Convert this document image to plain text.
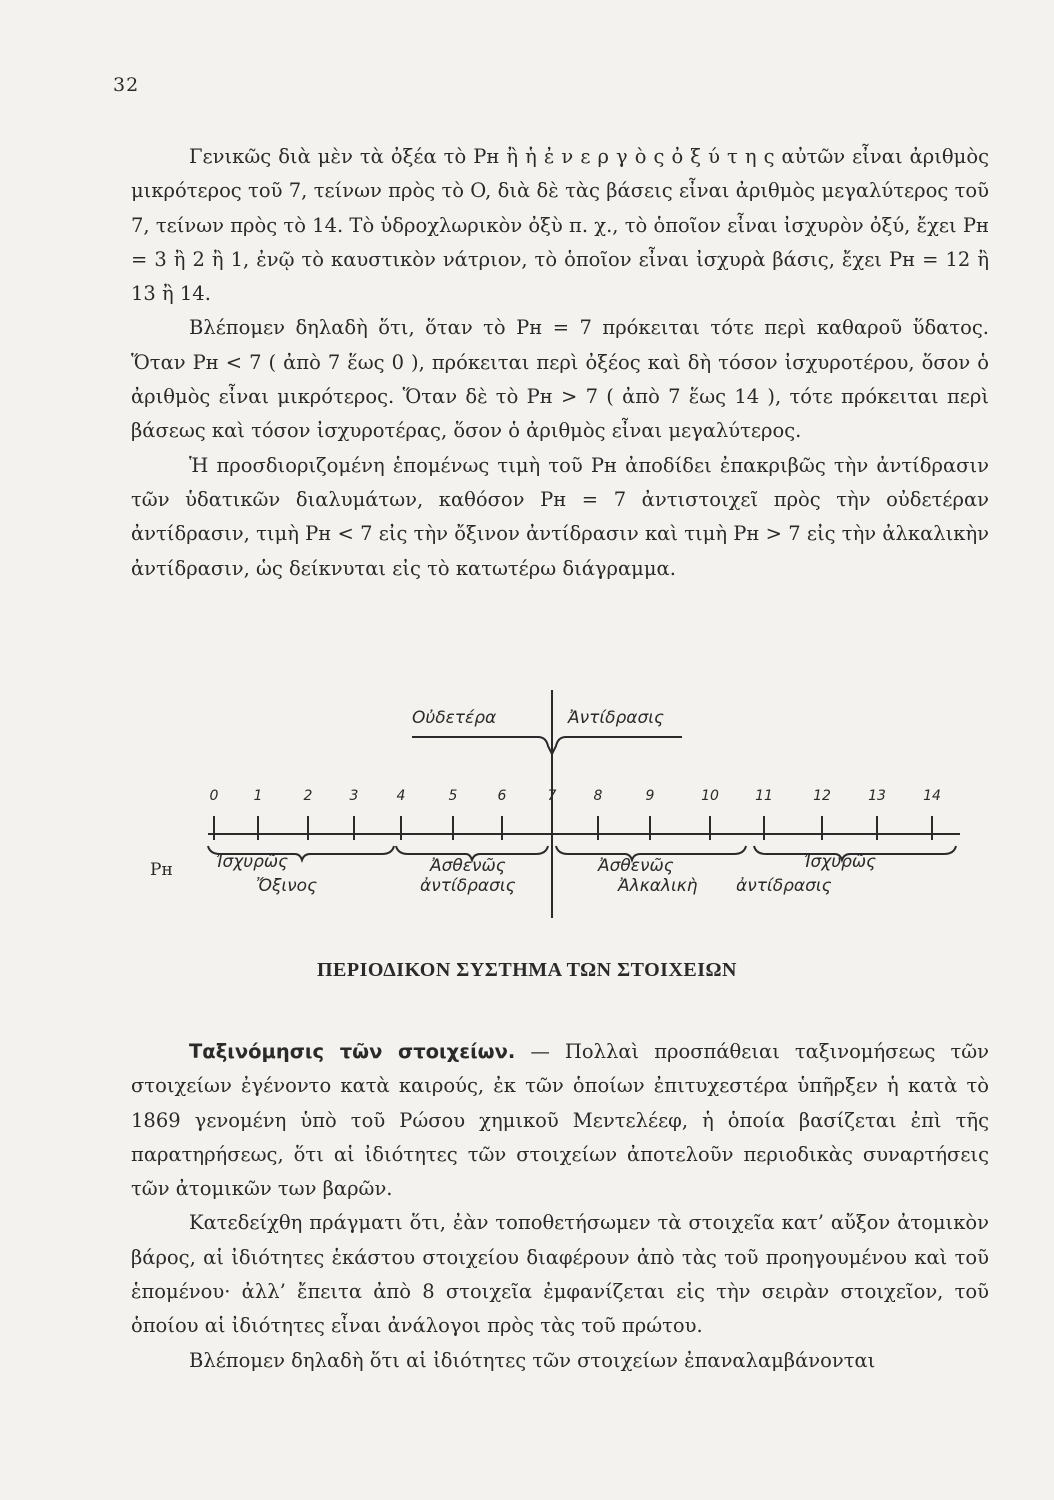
32

Γενικῶς διὰ μὲν τὰ ὀξέα τὸ Pʜ ἢ ἡ ἐ ν ε ρ γ ὸ ς ὀ ξ ύ τ η ς αὐτῶν εἶναι ἀριθμὸς μικρότερος τοῦ 7, τείνων πρὸς τὸ O, διὰ δὲ τὰς βάσεις εἶναι ἀριθμὸς μεγαλύτερος τοῦ 7, τείνων πρὸς τὸ 14. Τὸ ὑδροχλωρικὸν ὀξὺ π. χ., τὸ ὁποῖον εἶναι ἰσχυρὸν ὀξύ, ἔχει Pʜ = 3 ἢ 2 ἢ 1, ἐνῷ τὸ καυστικὸν νάτριον, τὸ ὁποῖον εἶναι ἰσχυρὰ βάσις, ἔχει Pʜ = 12 ἢ 13 ἢ 14.

Βλέπομεν δηλαδὴ ὅτι, ὅταν τὸ Pʜ = 7 πρόκειται τότε περὶ καθαροῦ ὕδατος. Ὅταν Pʜ < 7 ( ἀπὸ 7 ἕως 0 ), πρόκειται περὶ ὀξέος καὶ δὴ τόσον ἰσχυροτέρου, ὅσον ὁ ἀριθμὸς εἶναι μικρότερος. Ὅταν δὲ τὸ Pʜ > 7 ( ἀπὸ 7 ἕως 14 ), τότε πρόκειται περὶ βάσεως καὶ τόσον ἰσχυροτέρας, ὅσον ὁ ἀριθμὸς εἶναι μεγαλύτερος.

Ἡ προσδιοριζομένη ἑπομένως τιμὴ τοῦ Pʜ ἀποδίδει ἐπακριβῶς τὴν ἀντίδρασιν τῶν ὑδατικῶν διαλυμάτων, καθόσον Pʜ = 7 ἀντιστοιχεῖ πρὸς τὴν οὐδετέραν ἀντίδρασιν, τιμὴ Pʜ < 7 εἰς τὴν ὄξινον ἀντίδρασιν καὶ τιμὴ Pʜ > 7 εἰς τὴν ἀλκαλικὴν ἀντίδρασιν, ὡς δείκνυται εἰς τὸ κατωτέρω διάγραμμα.

Οὐδετέρα	Ἀντίδρασις
0	1	2	3	4	5	6	7	8	9	10	11	12	13	14
Pʜ	Ἰσχυρῶς	Ἀσθενῶς	Ἀσθενῶς	Ἰσχυρῶς
Ὄξινος	ἀντίδρασις	Ἀλκαλικὴ ἀντίδρασις
ΠΕΡΙΟΔΙΚΟΝ ΣΥΣΤΗΜΑ ΤΩΝ ΣΤΟΙΧΕΙΩΝ

Ταξινόμησις τῶν στοιχείων. — Πολλαὶ προσπάθειαι ταξινομήσεως τῶν στοιχείων ἐγένοντο κατὰ καιρούς, ἐκ τῶν ὁποίων ἐπιτυχεστέρα ὑπῆρξεν ἡ κατὰ τὸ 1869 γενομένη ὑπὸ τοῦ Ρώσου χημικοῦ Μεντελέεφ, ἡ ὁποία βασίζεται ἐπὶ τῆς παρατηρήσεως, ὅτι αἱ ἰδιότητες τῶν στοιχείων ἀποτελοῦν περιοδικὰς συναρτήσεις τῶν ἀτομικῶν των βαρῶν.

Κατεδείχθη πράγματι ὅτι, ἐὰν τοποθετήσωμεν τὰ στοιχεῖα κατ’ αὔξον ἀτομικὸν βάρος, αἱ ἰδιότητες ἑκάστου στοιχείου διαφέρουν ἀπὸ τὰς τοῦ προηγουμένου καὶ τοῦ ἑπομένου· ἀλλ’ ἔπειτα ἀπὸ 8 στοιχεῖα ἐμφανίζεται εἰς τὴν σειρὰν στοιχεῖον, τοῦ ὁποίου αἱ ἰδιότητες εἶναι ἀνάλογοι πρὸς τὰς τοῦ πρώτου.

Βλέπομεν δηλαδὴ ὅτι αἱ ἰδιότητες τῶν στοιχείων ἐπαναλαμβάνονται
